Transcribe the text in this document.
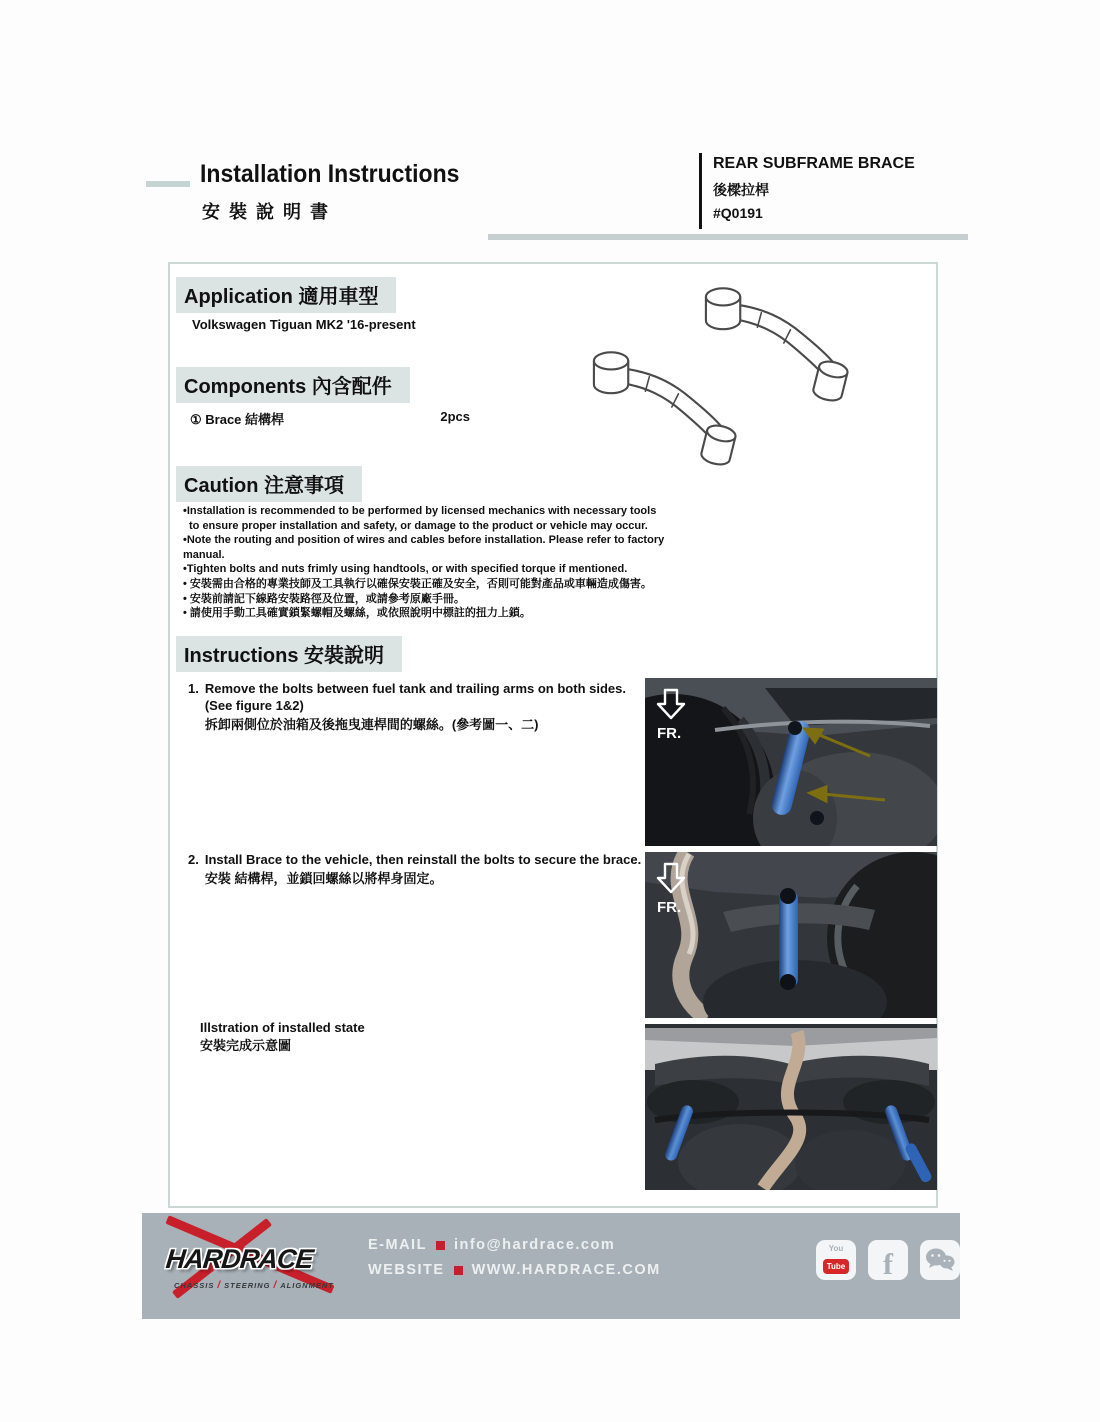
Installation Instructions
安裝說明書
REAR SUBFRAME BRACE
後樑拉桿
#Q0191
Application 適用車型
Volkswagen Tiguan MK2 '16-present
Components 內含配件
① Brace 結構桿	2pcs
Caution 注意事項
•Installation is recommended to be performed by licensed mechanics with necessary tools
to ensure proper installation and safety, or damage to the product or vehicle may occur.
•Note the routing and position of wires and cables before installation. Please refer to factory manual.
•Tighten bolts and nuts frimly using handtools, or with specified torque if mentioned.
• 安裝需由合格的專業技師及工具執行以確保安裝正確及安全，否則可能對產品或車輛造成傷害。
• 安裝前請記下線路安裝路徑及位置，或請參考原廠手冊。
• 請使用手動工具確實鎖緊螺帽及螺絲，或依照說明中標註的扭力上鎖。
Instructions 安裝說明
1. Remove the bolts between fuel tank and trailing arms on both sides. (See figure 1&2)
拆卸兩側位於油箱及後拖曳連桿間的螺絲。(參考圖一、二)
2. Install Brace to the vehicle, then reinstall the bolts to secure the brace.
安裝 結構桿，並鎖回螺絲以將桿身固定。
Illstration of installed state
安裝完成示意圖
FR.
FR.
HARDRACE
CHASSIS / STEERING / ALIGNMENT
E-MAIL info@hardrace.com
WEBSITE WWW.HARDRACE.COM
You
Tube f
